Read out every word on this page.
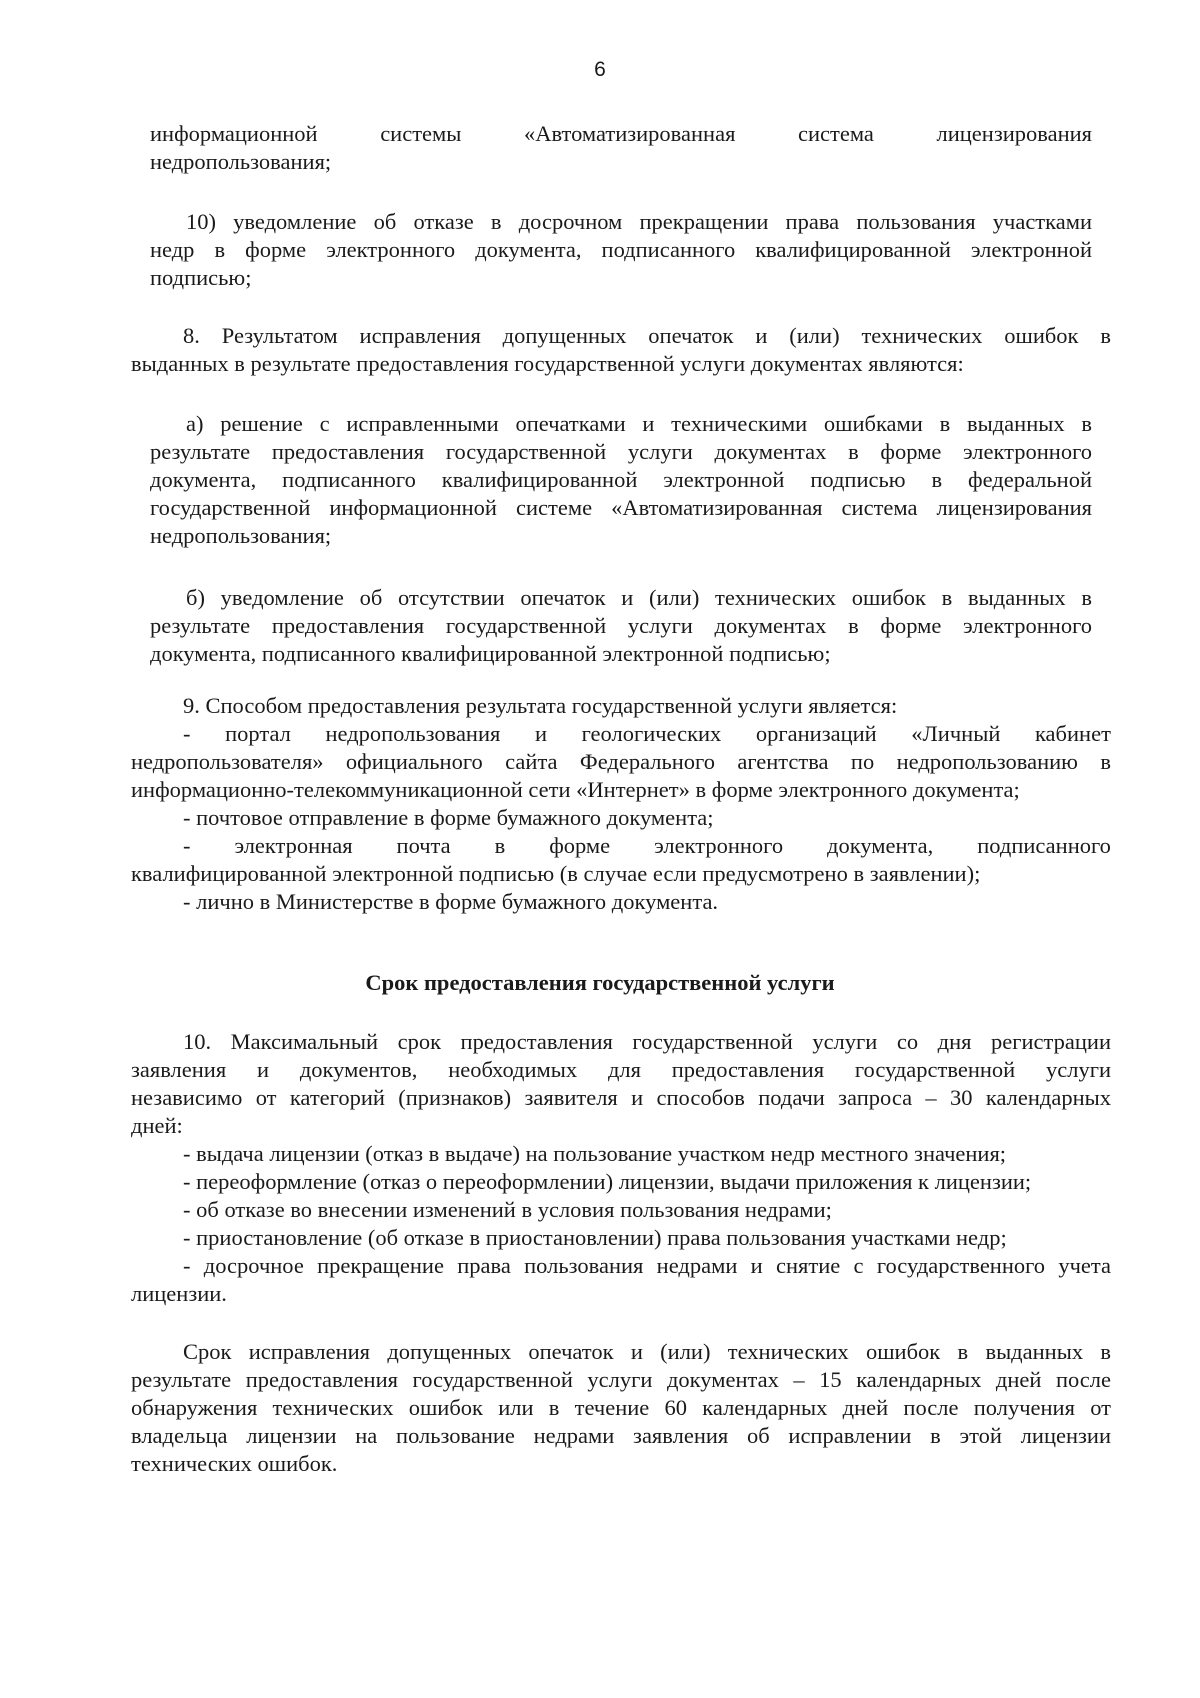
6
информационной	системы	«Автоматизированная	система	лицензирования
недропользования;
10) уведомление об отказе в досрочном прекращении права пользования участками
недр в форме электронного документа, подписанного квалифицированной электронной
подписью;
8. Результатом исправления допущенных опечаток и (или) технических ошибок в
выданных в результате предоставления государственной услуги документах являются:
а) решение с исправленными опечатками и техническими ошибками в выданных в
результате предоставления государственной услуги документах в форме электронного
документа, подписанного квалифицированной электронной подписью в федеральной
государственной информационной системе «Автоматизированная система лицензирования
недропользования;
б) уведомление об отсутствии опечаток и (или) технических ошибок в выданных в
результате предоставления государственной услуги документах в форме электронного
документа, подписанного квалифицированной электронной подписью;
9. Способом предоставления результата государственной услуги является:
- портал недропользования и геологических организаций «Личный кабинет
недропользователя» официального сайта Федерального агентства по недропользованию в
информационно-телекоммуникационной сети «Интернет» в форме электронного документа;
- почтовое отправление в форме бумажного документа;
- электронная почта в форме электронного документа, подписанного
квалифицированной электронной подписью (в случае если предусмотрено в заявлении);
- лично в Министерстве в форме бумажного документа.
Срок предоставления государственной услуги
10. Максимальный срок предоставления государственной услуги со дня регистрации
заявления и документов, необходимых для предоставления государственной услуги
независимо от категорий (признаков) заявителя и способов подачи запроса – 30 календарных
дней:
- выдача лицензии (отказ в выдаче) на пользование участком недр местного значения;
- переоформление (отказ о переоформлении) лицензии, выдачи приложения к лицензии;
- об отказе во внесении изменений в условия пользования недрами;
- приостановление (об отказе в приостановлении) права пользования участками недр;
- досрочное прекращение права пользования недрами и снятие с государственного учета
лицензии.
Срок исправления допущенных опечаток и (или) технических ошибок в выданных в
результате предоставления государственной услуги документах – 15 календарных дней после
обнаружения технических ошибок или в течение 60 календарных дней после получения от
владельца лицензии на пользование недрами заявления об исправлении в этой лицензии
технических ошибок.
